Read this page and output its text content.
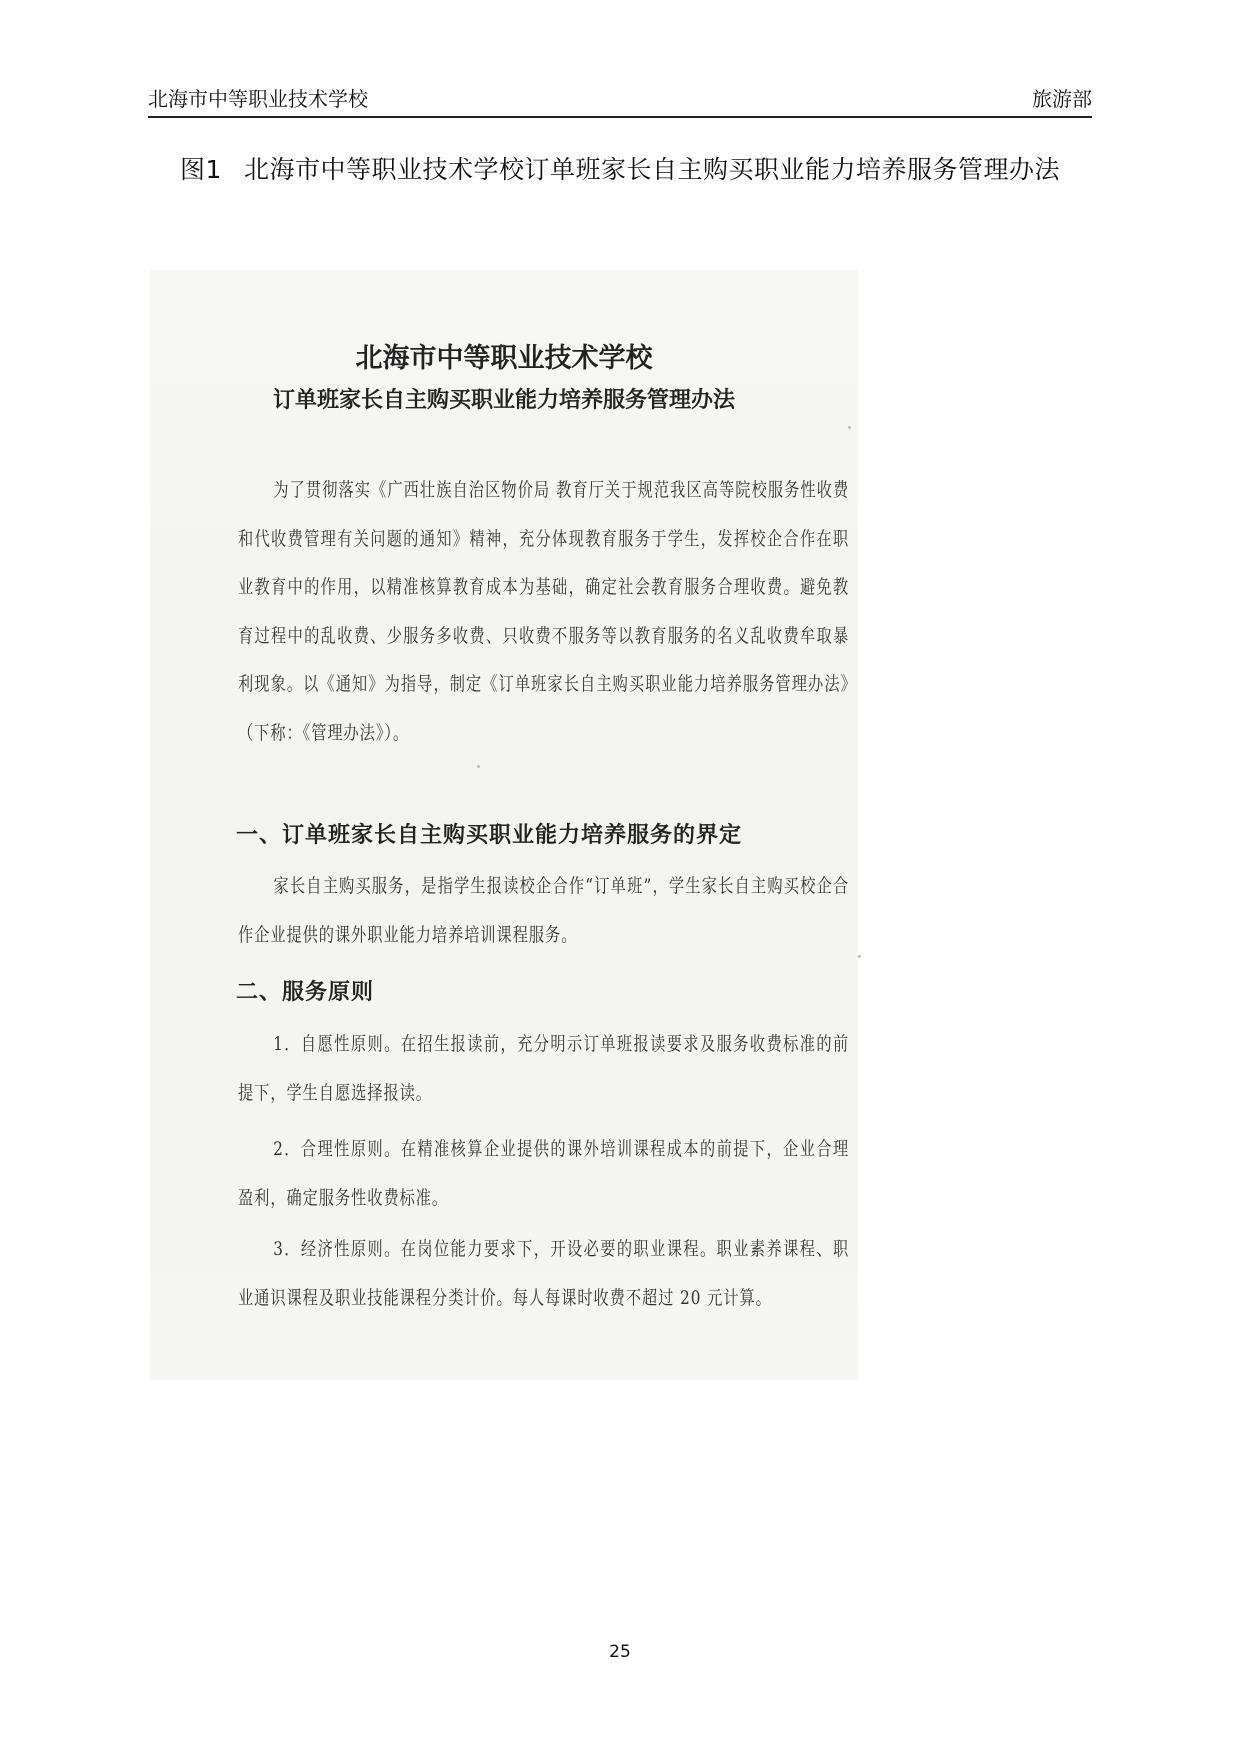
北海市中等职业技术学校	旅游部
图1 北海市中等职业技术学校订单班家长自主购买职业能力培养服务管理办法
北海市中等职业技术学校
订单班家长自主购买职业能力培养服务管理办法
为了贯彻落实《广西壮族自治区物价局 教育厅关于规范我区高等院校服务性收费和代收费管理有关问题的通知》精神，充分体现教育服务于学生，发挥校企合作在职业教育中的作用，以精准核算教育成本为基础，确定社会教育服务合理收费。避免教育过程中的乱收费、少服务多收费、只收费不服务等以教育服务的名义乱收费牟取暴利现象。以《通知》为指导，制定《订单班家长自主购买职业能力培养服务管理办法》（下称：《管理办法》）。
一、订单班家长自主购买职业能力培养服务的界定
家长自主购买服务，是指学生报读校企合作“订单班”，学生家长自主购买校企合作企业提供的课外职业能力培养培训课程服务。
二、服务原则
1．自愿性原则。在招生报读前，充分明示订单班报读要求及服务收费标准的前提下，学生自愿选择报读。
2．合理性原则。在精准核算企业提供的课外培训课程成本的前提下，企业合理盈利，确定服务性收费标准。
3．经济性原则。在岗位能力要求下，开设必要的职业课程。职业素养课程、职业通识课程及职业技能课程分类计价。每人每课时收费不超过 20 元计算。
25
